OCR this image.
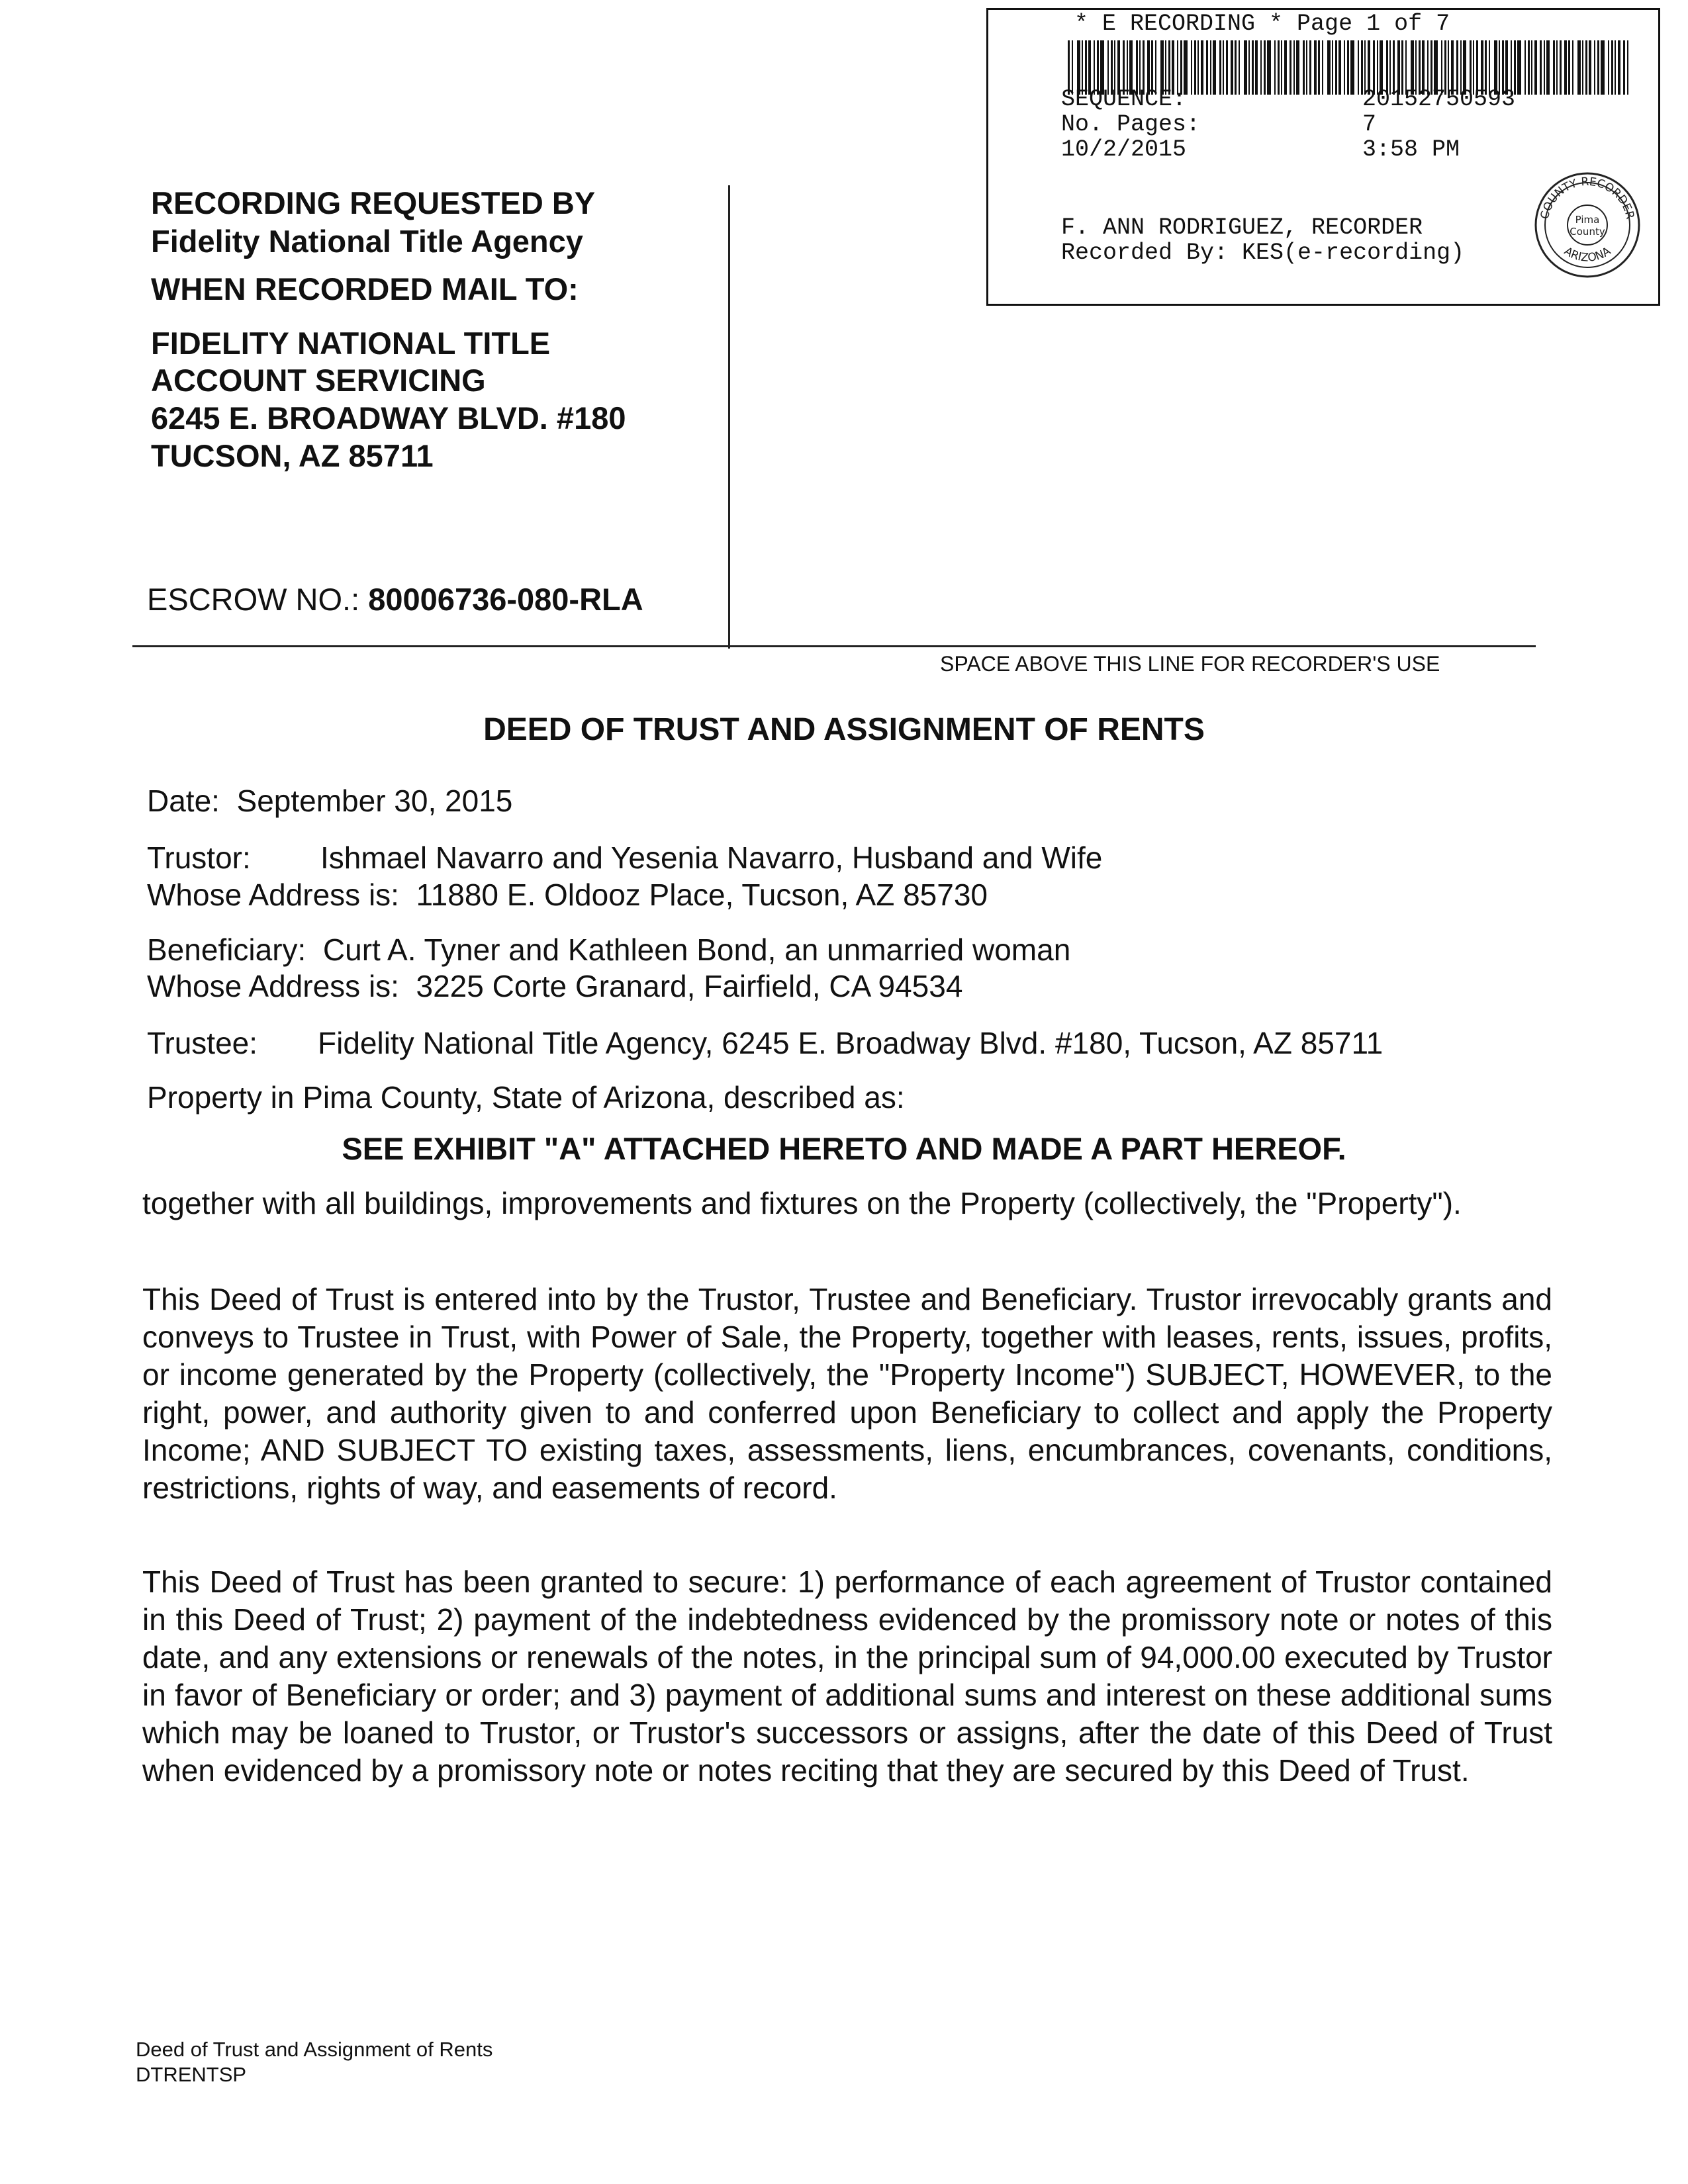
* E RECORDING * Page 1 of 7
SEQUENCE:	20152750593
No. Pages:	7
10/2/2015	3:58 PM
F. ANN RODRIGUEZ, RECORDER
Recorded By: KES(e-recording)
COUNTY RECORDER
ARIZONA
Pima
County
RECORDING REQUESTED BY
Fidelity National Title Agency
WHEN RECORDED MAIL TO:
FIDELITY NATIONAL TITLE
ACCOUNT SERVICING
6245 E. BROADWAY BLVD. #180
TUCSON, AZ 85711
ESCROW NO.: 80006736-080-RLA
SPACE ABOVE THIS LINE FOR RECORDER'S USE
DEED OF TRUST AND ASSIGNMENT OF RENTS
Date: September 30, 2015
Trustor: Ishmael Navarro and Yesenia Navarro, Husband and Wife
Whose Address is: 11880 E. Oldooz Place, Tucson, AZ 85730
Beneficiary: Curt A. Tyner and Kathleen Bond, an unmarried woman
Whose Address is: 3225 Corte Granard, Fairfield, CA 94534
Trustee: Fidelity National Title Agency, 6245 E. Broadway Blvd. #180, Tucson, AZ 85711
Property in Pima County, State of Arizona, described as:
SEE EXHIBIT "A" ATTACHED HERETO AND MADE A PART HEREOF.
together with all buildings, improvements and fixtures on the Property (collectively, the "Property").
This Deed of Trust is entered into by the Trustor, Trustee and Beneficiary. Trustor irrevocably grants and conveys to Trustee in Trust, with Power of Sale, the Property, together with leases, rents, issues, profits, or income generated by the Property (collectively, the "Property Income") SUBJECT, HOWEVER, to the right, power, and authority given to and conferred upon Beneficiary to collect and apply the Property Income; AND SUBJECT TO existing taxes, assessments, liens, encumbrances, covenants, conditions, restrictions, rights of way, and easements of record.
This Deed of Trust has been granted to secure: 1) performance of each agreement of Trustor contained in this Deed of Trust; 2) payment of the indebtedness evidenced by the promissory note or notes of this date, and any extensions or renewals of the notes, in the principal sum of 94,000.00 executed by Trustor in favor of Beneficiary or order; and 3) payment of additional sums and interest on these additional sums which may be loaned to Trustor, or Trustor's successors or assigns, after the date of this Deed of Trust when evidenced by a promissory note or notes reciting that they are secured by this Deed of Trust.
Deed of Trust and Assignment of Rents
DTRENTSP
